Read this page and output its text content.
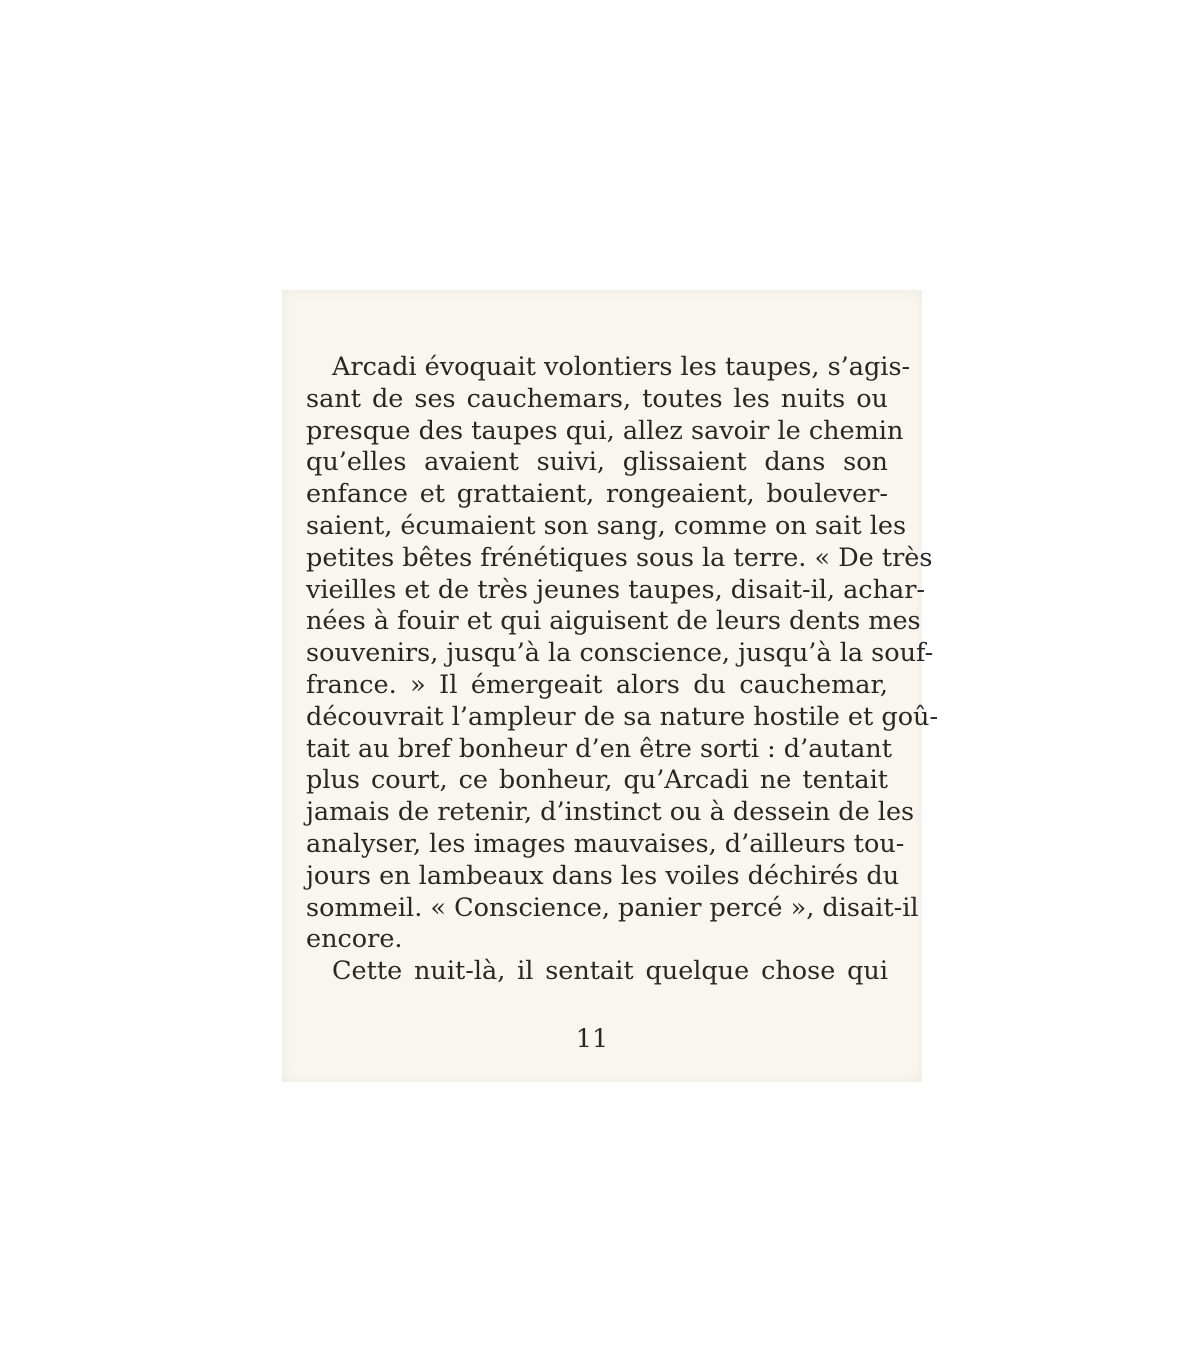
Arcadi évoquait volontiers les taupes, s’agis-
sant de ses cauchemars, toutes les nuits ou
presque des taupes qui, allez savoir le chemin
qu’elles avaient suivi, glissaient dans son
enfance et grattaient, rongeaient, boulever-
saient, écumaient son sang, comme on sait les
petites bêtes frénétiques sous la terre. « De très
vieilles et de très jeunes taupes, disait-il, achar-
nées à fouir et qui aiguisent de leurs dents mes
souvenirs, jusqu’à la conscience, jusqu’à la souf-
france. » Il émergeait alors du cauchemar,
découvrait l’ampleur de sa nature hostile et goû-
tait au bref bonheur d’en être sorti : d’autant
plus court, ce bonheur, qu’Arcadi ne tentait
jamais de retenir, d’instinct ou à dessein de les
analyser, les images mauvaises, d’ailleurs tou-
jours en lambeaux dans les voiles déchirés du
sommeil. « Conscience, panier percé », disait-il
encore.
Cette nuit-là, il sentait quelque chose qui
11
